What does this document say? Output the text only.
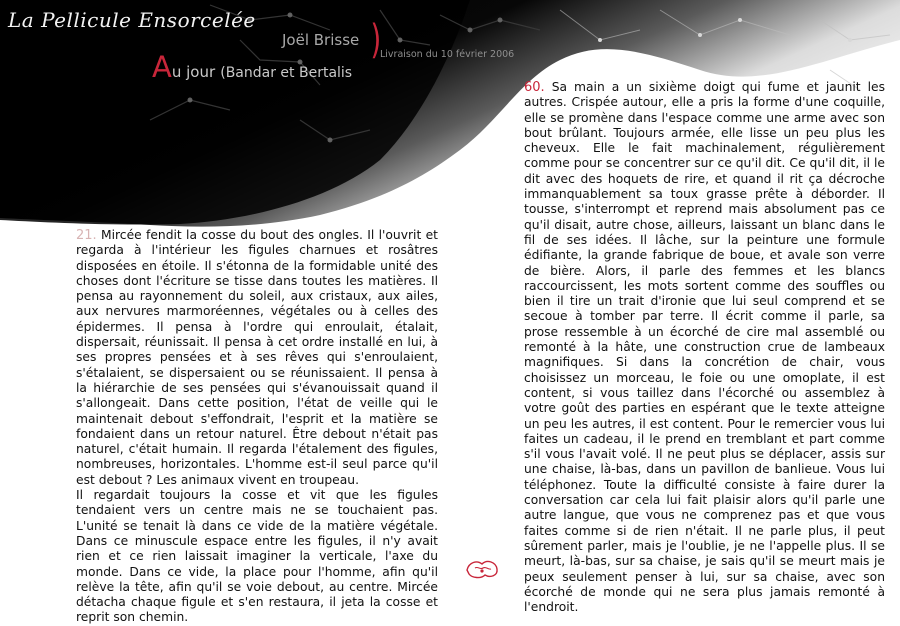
La Pellicule Ensorcelée
Joël Brisse )
Au jour (Bandar et Bertalis
Livraison du 10 février 2006

21. Mircée fendit la cosse du bout des ongles. Il l'ouvrit et regarda à l'intérieur les figules charnues et rosâtres disposées en étoile. Il s'étonna de la formidable unité des choses dont l'écriture se tisse dans toutes les matières. Il pensa au rayonnement du soleil, aux cristaux, aux ailes, aux nervures marmoréennes, végétales ou à celles des épidermes. Il pensa à l'ordre qui enroulait, étalait, dispersait, réunissait. Il pensa à cet ordre installé en lui, à ses propres pensées et à ses rêves qui s'enroulaient, s'étalaient, se dispersaient ou se réunissaient. Il pensa à la hiérarchie de ses pensées qui s'évanouissait quand il s'allongeait. Dans cette position, l'état de veille qui le maintenait debout s'effondrait, l'esprit et la matière se fondaient dans un retour naturel. Être debout n'était pas naturel, c'était humain. Il regarda l'étalement des figules, nombreuses, horizontales. L'homme est-il seul parce qu'il est debout ? Les animaux vivent en troupeau.

Il regardait toujours la cosse et vit que les figules tendaient vers un centre mais ne se touchaient pas. L'unité se tenait là dans ce vide de la matière végétale. Dans ce minuscule espace entre les figules, il n'y avait rien et ce rien laissait imaginer la verticale, l'axe du monde. Dans ce vide, la place pour l'homme, afin qu'il relève la tête, afin qu'il se voie debout, au centre. Mircée détacha chaque figule et s'en restaura, il jeta la cosse et reprit son chemin.

60. Sa main a un sixième doigt qui fume et jaunit les autres. Crispée autour, elle a pris la forme d'une coquille, elle se promène dans l'espace comme une arme avec son bout brûlant. Toujours armée, elle lisse un peu plus les cheveux. Elle le fait machinalement, régulièrement comme pour se concentrer sur ce qu'il dit. Ce qu'il dit, il le dit avec des hoquets de rire, et quand il rit ça décroche immanquablement sa toux grasse prête à déborder. Il tousse, s'interrompt et reprend mais absolument pas ce qu'il disait, autre chose, ailleurs, laissant un blanc dans le fil de ses idées. Il lâche, sur la peinture une formule édifiante, la grande fabrique de boue, et avale son verre de bière. Alors, il parle des femmes et les blancs raccourcissent, les mots sortent comme des souffles ou bien il tire un trait d'ironie que lui seul comprend et se secoue à tomber par terre. Il écrit comme il parle, sa prose ressemble à un écorché de cire mal assemblé ou remonté à la hâte, une construction crue de lambeaux magnifiques. Si dans la concrétion de chair, vous choisissez un morceau, le foie ou une omoplate, il est content, si vous taillez dans l'écorché ou assemblez à votre goût des parties en espérant que le texte atteigne un peu les autres, il est content. Pour le remercier vous lui faites un cadeau, il le prend en tremblant et part comme s'il vous l'avait volé. Il ne peut plus se déplacer, assis sur une chaise, là-bas, dans un pavillon de banlieue. Vous lui téléphonez. Toute la difficulté consiste à faire durer la conversation car cela lui fait plaisir alors qu'il parle une autre langue, que vous ne comprenez pas et que vous faites comme si de rien n'était. Il ne parle plus, il peut sûrement parler, mais je l'oublie, je ne l'appelle plus. Il se meurt, là-bas, sur sa chaise, je sais qu'il se meurt mais je peux seulement penser à lui, sur sa chaise, avec son écorché de monde qui ne sera plus jamais remonté à l'endroit.
